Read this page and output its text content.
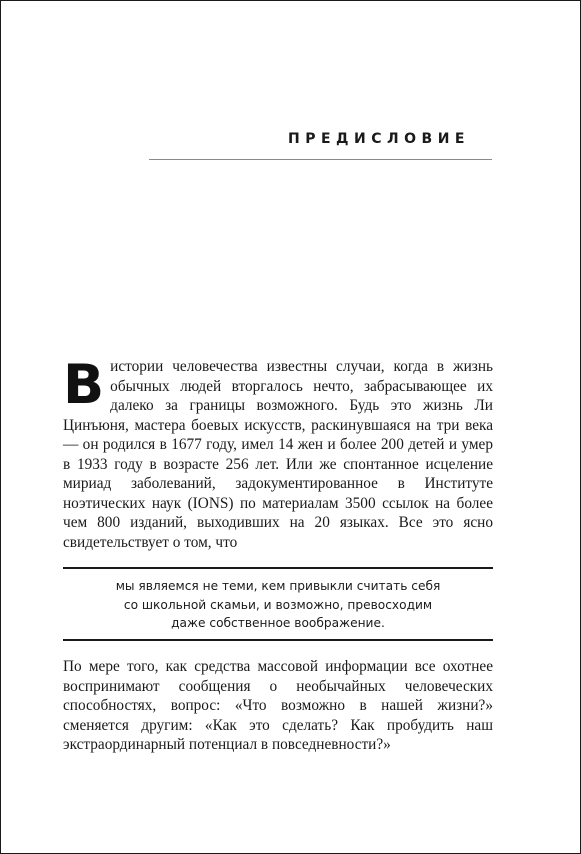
ПРЕДИСЛОВИЕ

В истории человечества известны случаи, когда в жизнь обычных людей вторгалось нечто, забрасывающее их далеко за границы возможного. Будь это жизнь Ли Цинъюня, мастера боевых искусств, раскинувшаяся на три века — он родился в 1677 году, имел 14 жен и более 200 детей и умер в 1933 году в возрасте 256 лет. Или же спонтанное исцеление мириад заболеваний, задокументированное в Институте ноэтических наук (IONS) по материалам 3500 ссылок на более чем 800 изданий, выходивших на 20 языках. Все это ясно свидетельствует о том, что

мы являемся не теми, кем привыкли считать себя
со школьной скамьи, и возможно, превосходим
даже собственное воображение.

По мере того, как средства массовой информации все охотнее воспринимают сообщения о необычайных человеческих способностях, вопрос: «Что возможно в нашей жизни?» сменяется другим: «Как это сделать? Как пробудить наш экстраординарный потенциал в повседневности?»
